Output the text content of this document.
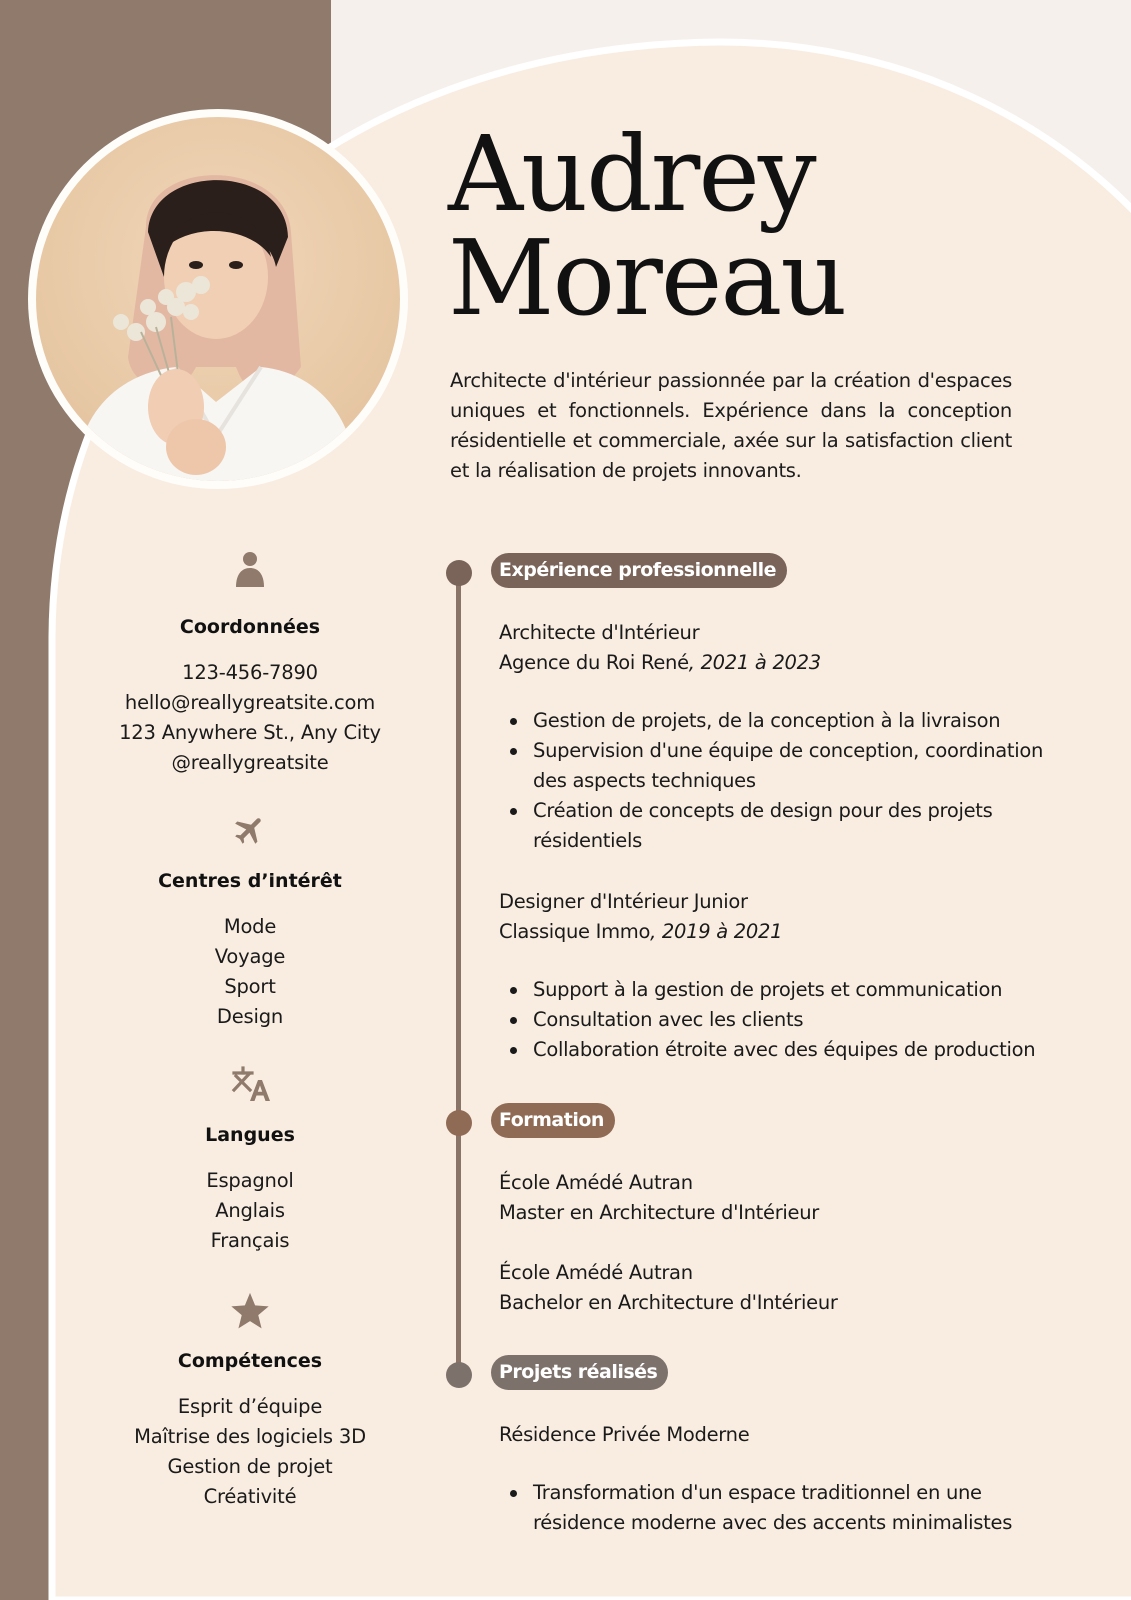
Audrey
Moreau

Architecte d'intérieur passionnée par la création d'espaces uniques et fonctionnels. Expérience dans la conception résidentielle et commerciale, axée sur la satisfaction client et la réalisation de projets innovants.

Coordonnées
123-456-7890
hello@reallygreatsite.com
123 Anywhere St., Any City
@reallygreatsite
Centres d’intérêt
Mode
Voyage
Sport
Design
Langues
Espagnol
Anglais
Français
Compétences
Esprit d’équipe
Maîtrise des logiciels 3D
Gestion de projet
Créativité
Expérience professionnelle
Architecte d'Intérieur
Agence du Roi René, 2021 à 2023
Gestion de projets, de la conception à la livraison
Supervision d'une équipe de conception, coordination des aspects techniques
Création de concepts de design pour des projets résidentiels
Designer d'Intérieur Junior
Classique Immo, 2019 à 2021
Support à la gestion de projets et communication
Consultation avec les clients
Collaboration étroite avec des équipes de production
Formation
École Amédé Autran
Master en Architecture d'Intérieur
École Amédé Autran
Bachelor en Architecture d'Intérieur
Projets réalisés
Résidence Privée Moderne
Transformation d'un espace traditionnel en une résidence moderne avec des accents minimalistes
